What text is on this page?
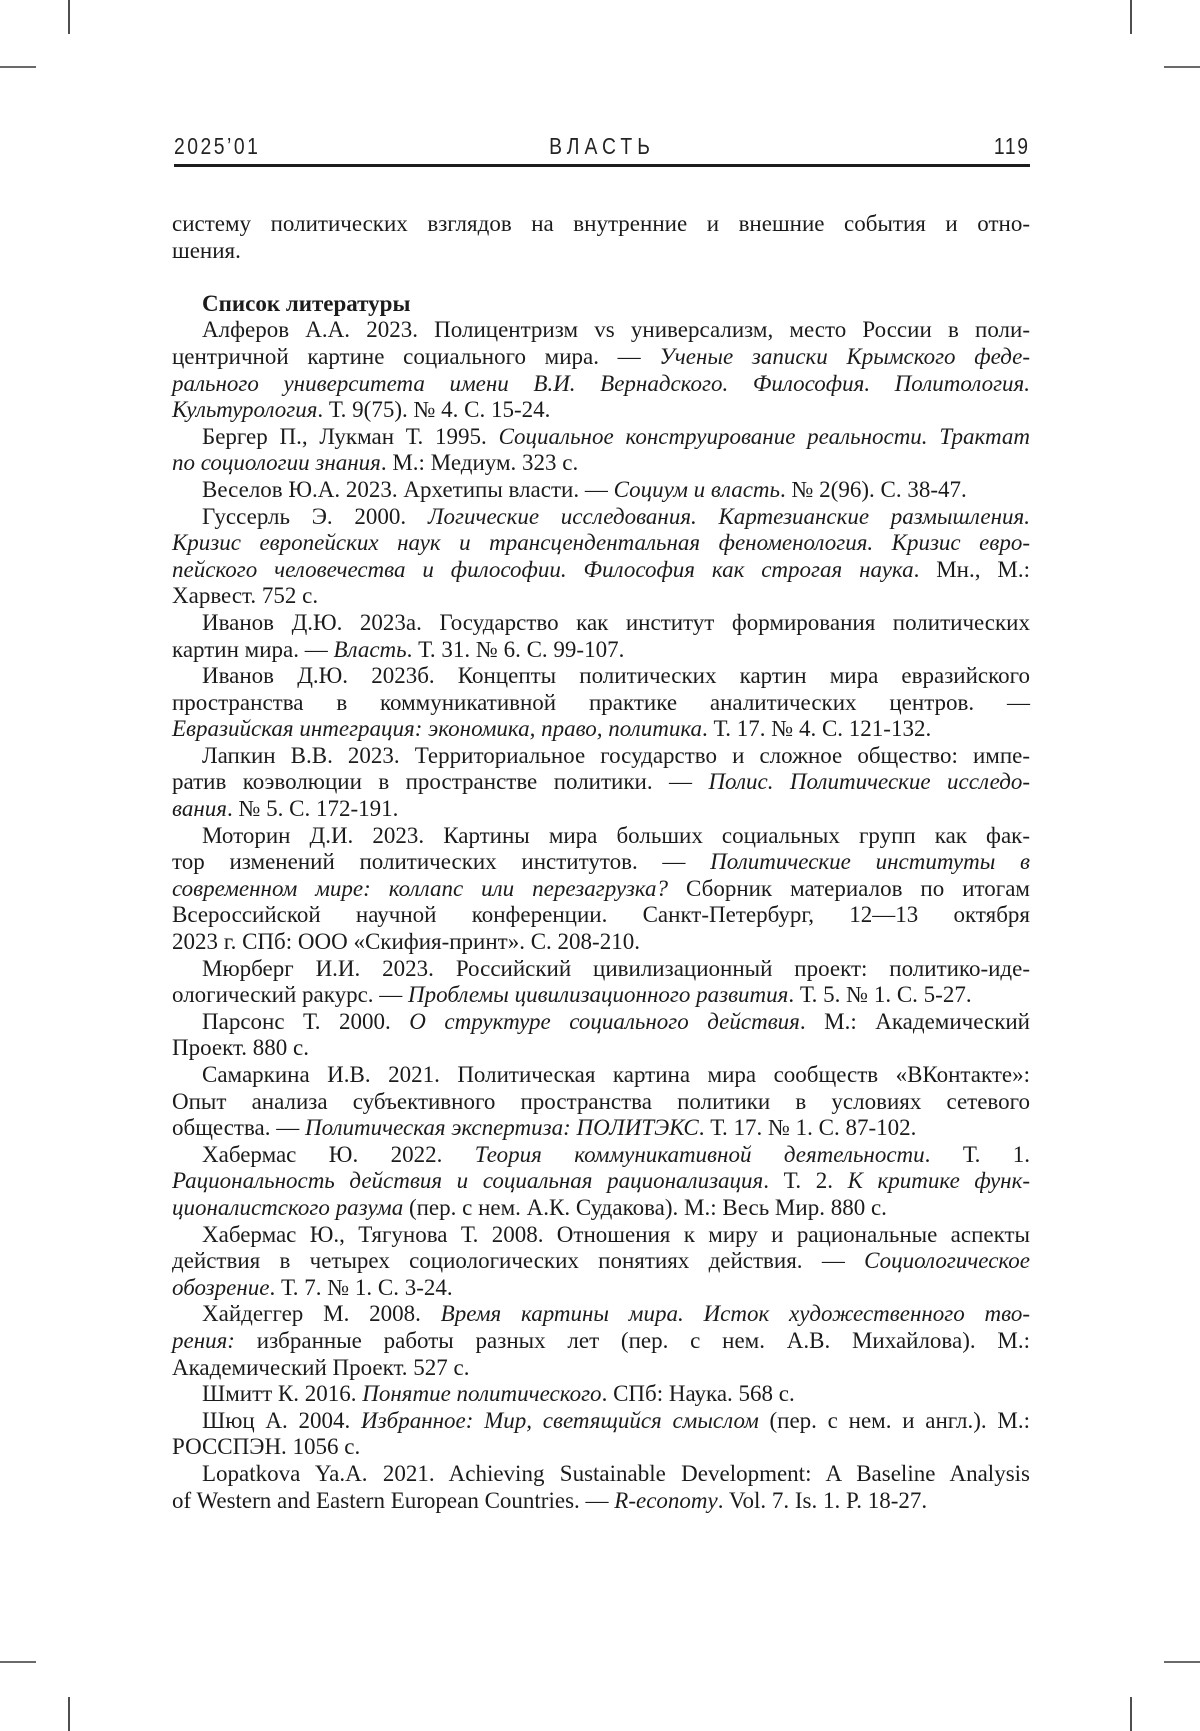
2025’01	ВЛАСТЬ	119
систему политических взглядов на внутренние и внешние события и отно-
шения.
Список литературы
Алферов А.А. 2023. Полицентризм vs универсализм, место России в поли-
центричной картине социального мира. — Ученые записки Крымского феде-
рального университета имени В.И. Вернадского. Философия. Политология.
Культурология. Т. 9(75). № 4. С. 15-24.
Бергер П., Лукман Т. 1995. Социальное конструирование реальности. Трактат
по социологии знания. М.: Медиум. 323 с.
Веселов Ю.А. 2023. Архетипы власти. — Социум и власть. № 2(96). С. 38-47.
Гуссерль Э. 2000. Логические исследования. Картезианские размышления.
Кризис европейских наук и трансцендентальная феноменология. Кризис евро-
пейского человечества и философии. Философия как строгая наука. Мн., М.:
Харвест. 752 с.
Иванов Д.Ю. 2023а. Государство как институт формирования политических
картин мира. — Власть. Т. 31. № 6. С. 99-107.
Иванов Д.Ю. 2023б. Концепты политических картин мира евразийского
пространства в коммуникативной практике аналитических центров. —
Евразийская интеграция: экономика, право, политика. Т. 17. № 4. С. 121-132.
Лапкин В.В. 2023. Территориальное государство и сложное общество: импе-
ратив коэволюции в пространстве политики. — Полис. Политические исследо-
вания. № 5. С. 172-191.
Моторин Д.И. 2023. Картины мира больших социальных групп как фак-
тор изменений политических институтов. — Политические институты в
современном мире: коллапс или перезагрузка? Сборник материалов по итогам
Всероссийской научной конференции. Санкт-Петербург, 12—13 октября
2023 г. СПб: ООО «Скифия-принт». С. 208-210.
Мюрберг И.И. 2023. Российский цивилизационный проект: политико-иде-
ологический ракурс. — Проблемы цивилизационного развития. Т. 5. № 1. С. 5-27.
Парсонс Т. 2000. О структуре социального действия. М.: Академический
Проект. 880 с.
Самаркина И.В. 2021. Политическая картина мира сообществ «ВКонтакте»:
Опыт анализа субъективного пространства политики в условиях сетевого
общества. — Политическая экспертиза: ПОЛИТЭКС. Т. 17. № 1. С. 87-102.
Хабермас Ю. 2022. Теория коммуникативной деятельности. Т. 1.
Рациональность действия и социальная рационализация. Т. 2. К критике функ-
ционалистского разума (пер. с нем. А.К. Судакова). М.: Весь Мир. 880 с.
Хабермас Ю., Тягунова Т. 2008. Отношения к миру и рациональные аспекты
действия в четырех социологических понятиях действия. — Социологическое
обозрение. Т. 7. № 1. С. 3-24.
Хайдеггер М. 2008. Время картины мира. Исток художественного тво-
рения: избранные работы разных лет (пер. с нем. А.В. Михайлова). М.:
Академический Проект. 527 с.
Шмитт К. 2016. Понятие политического. СПб: Наука. 568 с.
Шюц А. 2004. Избранное: Мир, светящийся смыслом (пер. с нем. и англ.). М.:
РОССПЭН. 1056 с.
Lopatkova Ya.A. 2021. Achieving Sustainable Development: A Baseline Analysis
of Western and Eastern European Countries. — R-economy. Vol. 7. Is. 1. P. 18-27.
